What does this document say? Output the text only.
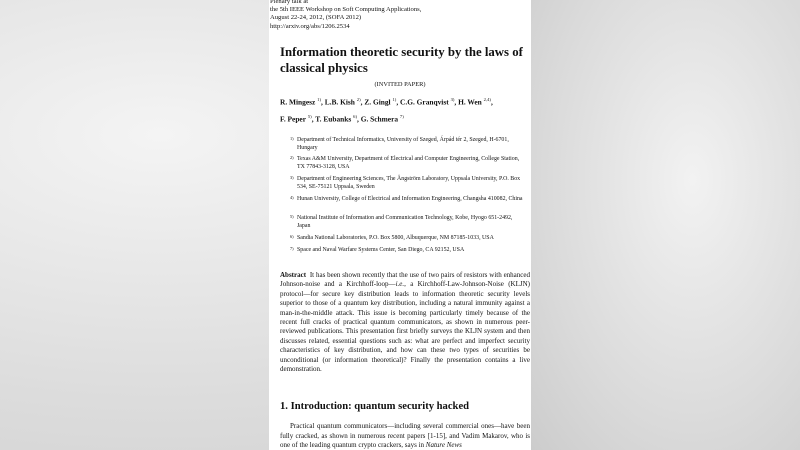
Plenary talk at
the 5th IEEE Workshop on Soft Computing Applications,
August 22-24, 2012, (SOFA 2012)
http://arxiv.org/abs/1206.2534
Information theoretic security by the laws of classical physics
(INVITED PAPER)
R. Mingesz $^{1)}$, L.B. Kish $^{2)}$, Z. Gingl $^{1)}$, C.G. Granqvist $^{3)}$, H. Wen $^{2,4)}$,
F. Peper $^{5)}$, T. Eubanks $^{6)}$, G. Schmera $^{7)}$
1) Department of Technical Informatics, University of Szeged, Árpád tér 2, Szeged, H-6701, Hungary
2) Texas A&M University, Department of Electrical and Computer Engineering, College Station, TX 77843-3128, USA
3) Department of Engineering Sciences, The Ångström Laboratory, Uppsala University, P.O. Box 534, SE-75121 Uppsala, Sweden
4) Hunan University, College of Electrical and Information Engineering, Changsha 410082, China
5) National Institute of Information and Communication Technology, Kobe, Hyogo 651-2492, Japan
6) Sandia National Laboratories, P.O. Box 5800, Albuquerque, NM 87185-1033, USA
7) Space and Naval Warfare Systems Center, San Diego, CA 92152, USA
Abstract It has been shown recently that the use of two pairs of resistors with enhanced Johnson-noise and a Kirchhoff-loop—i.e., a Kirchhoff-Law-Johnson-Noise (KLJN) protocol—for secure key distribution leads to information theoretic security levels superior to those of a quantum key distribution, including a natural immunity against a man-in-the-middle attack. This issue is becoming particularly timely because of the recent full cracks of practical quantum communicators, as shown in numerous peer-reviewed publications. This presentation first briefly surveys the KLJN system and then discusses related, essential questions such as: what are perfect and imperfect security characteristics of key distribution, and how can these two types of securities be unconditional (or information theoretical)? Finally the presentation contains a live demonstration.
1. Introduction: quantum security hacked
Practical quantum communicators—including several commercial ones—have been fully cracked, as shown in numerous recent papers [1-15], and Vadim Makarov, who is one of the leading quantum crypto crackers, says in Nature News
